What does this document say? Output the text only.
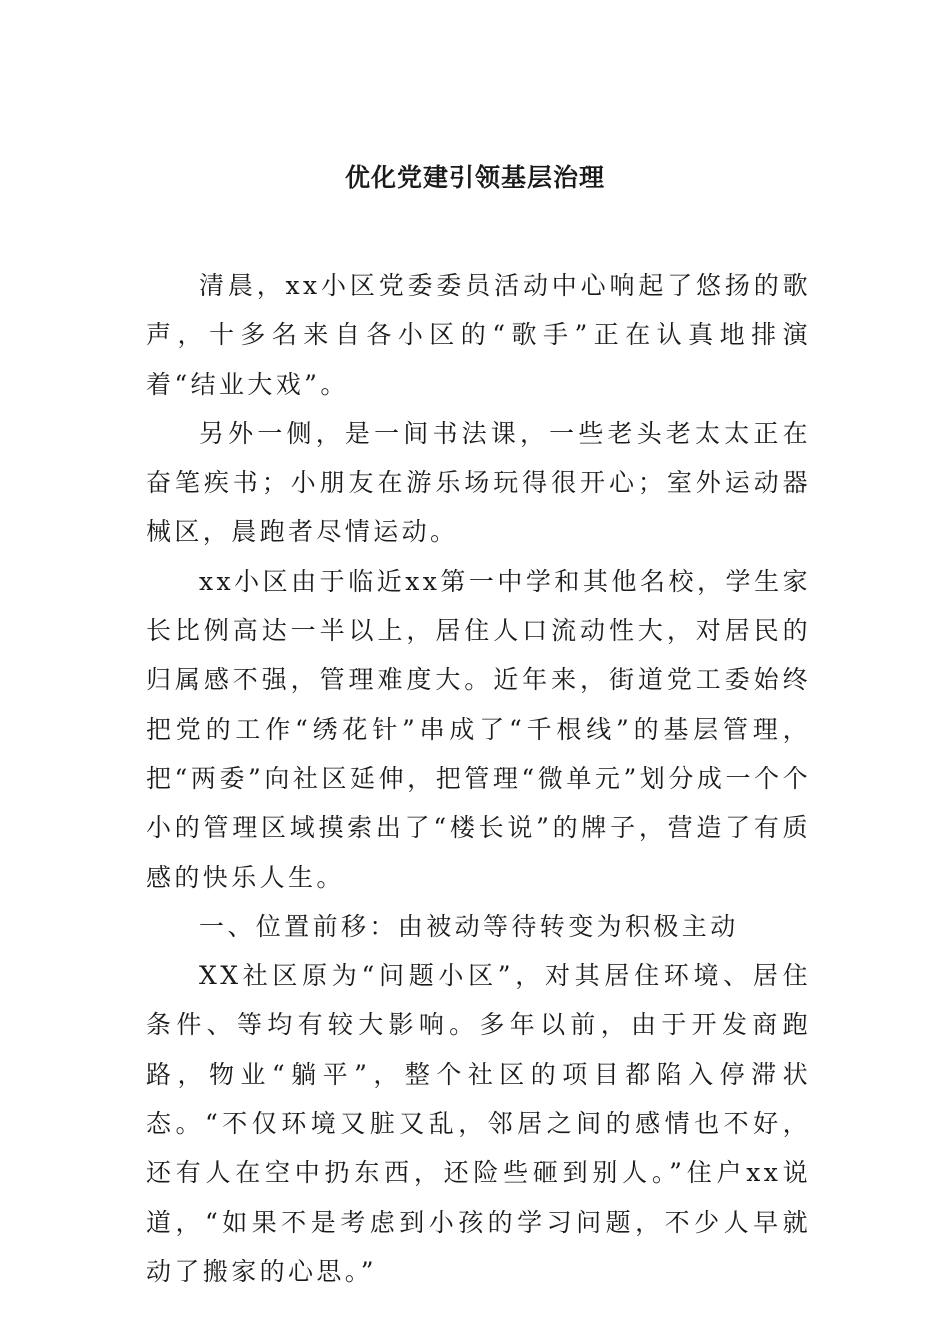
优化党建引领基层治理

清晨，xx小区党委委员活动中心响起了悠扬的歌声，十多名来自各小区的“歌手”正在认真地排演着“结业大戏”。

另外一侧，是一间书法课，一些老头老太太正在奋笔疾书；小朋友在游乐场玩得很开心；室外运动器械区，晨跑者尽情运动。

xx小区由于临近xx第一中学和其他名校，学生家长比例高达一半以上，居住人口流动性大，对居民的归属感不强，管理难度大。近年来，街道党工委始终把党的工作“绣花针”串成了“千根线”的基层管理，把“两委”向社区延伸，把管理“微单元”划分成一个个小的管理区域摸索出了“楼长说”的牌子，营造了有质感的快乐人生。

一、位置前移：由被动等待转变为积极主动

XX社区原为“问题小区”，对其居住环境、居住条件、等均有较大影响。多年以前，由于开发商跑路，物业“躺平”，整个社区的项目都陷入停滞状态。“不仅环境又脏又乱，邻居之间的感情也不好，还有人在空中扔东西，还险些砸到别人。”住户xx说道，“如果不是考虑到小孩的学习问题，不少人早就动了搬家的心思。”
